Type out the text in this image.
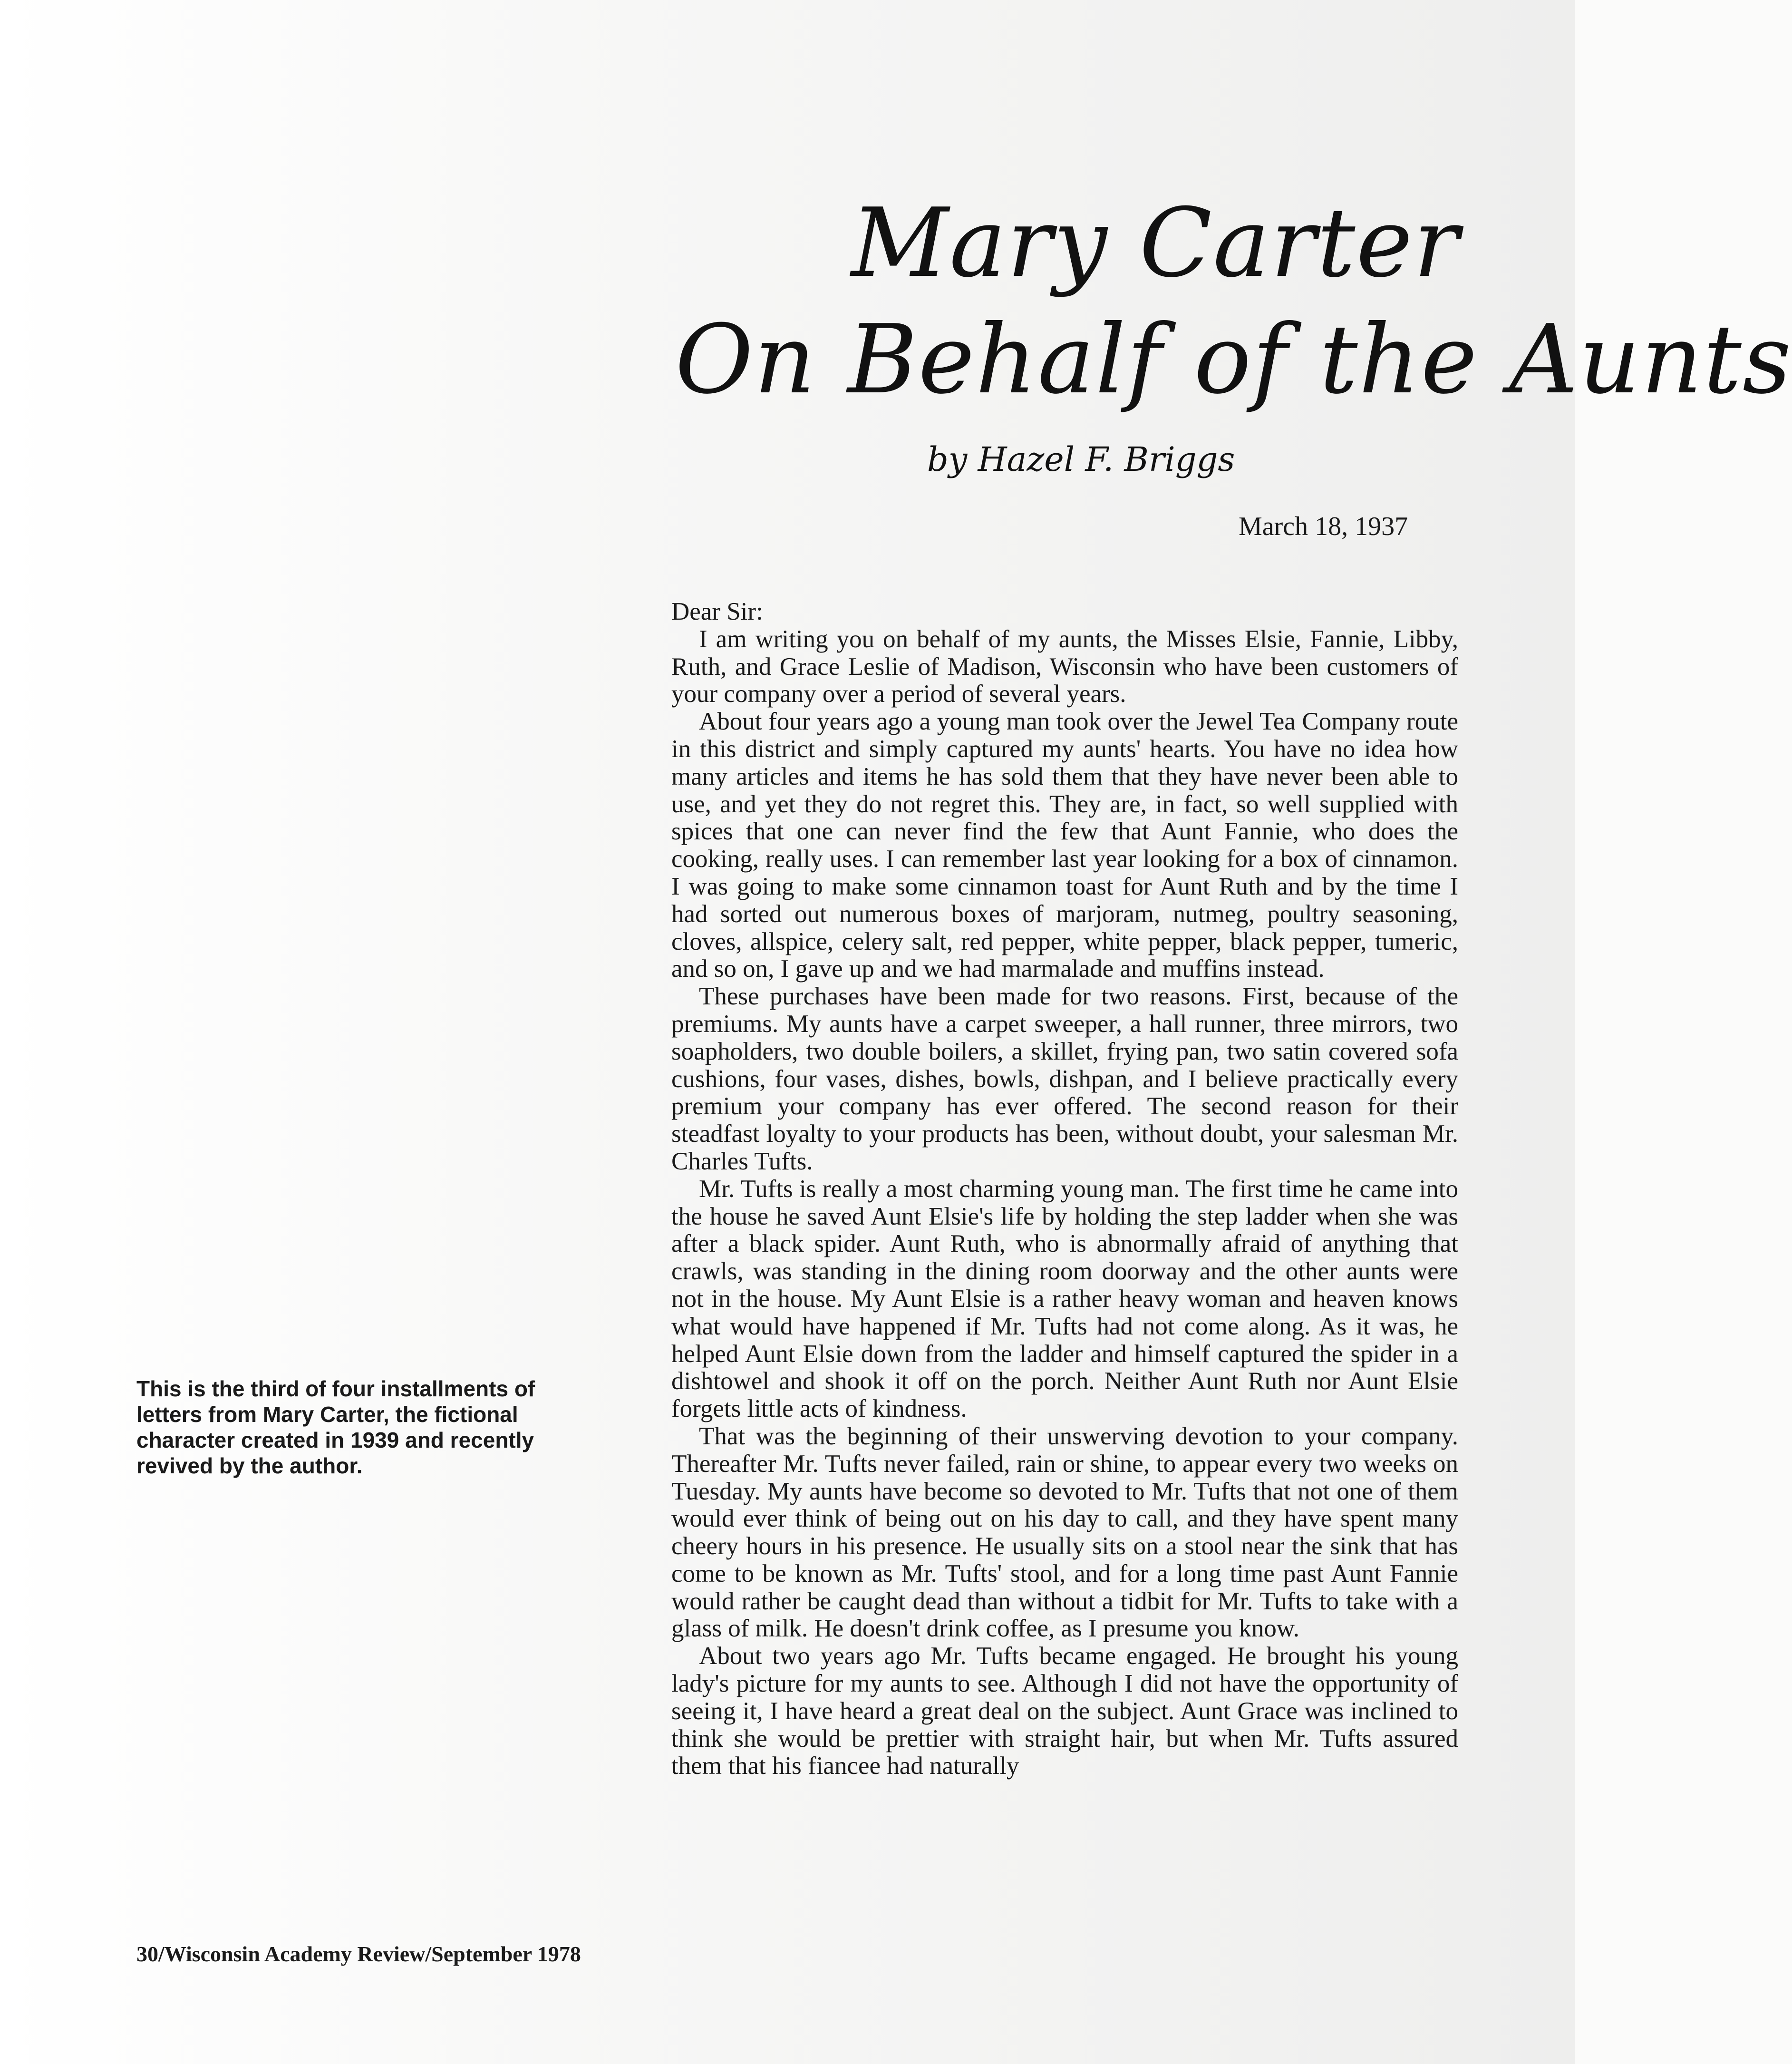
Mary Carter
On Behalf of the Aunts
by Hazel F. Briggs
March 18, 1937
Dear Sir:

I am writing you on behalf of my aunts, the Misses Elsie, Fannie, Libby, Ruth, and Grace Leslie of Madison, Wisconsin who have been customers of your company over a period of several years.

About four years ago a young man took over the Jewel Tea Company route in this district and simply captured my aunts' hearts. You have no idea how many articles and items he has sold them that they have never been able to use, and yet they do not regret this. They are, in fact, so well supplied with spices that one can never find the few that Aunt Fannie, who does the cooking, really uses. I can remember last year looking for a box of cinnamon. I was going to make some cinnamon toast for Aunt Ruth and by the time I had sorted out numerous boxes of marjoram, nutmeg, poultry seasoning, cloves, allspice, celery salt, red pepper, white pepper, black pepper, tumeric, and so on, I gave up and we had marmalade and muffins instead.

These purchases have been made for two reasons. First, because of the premiums. My aunts have a carpet sweeper, a hall runner, three mirrors, two soapholders, two double boilers, a skillet, frying pan, two satin covered sofa cushions, four vases, dishes, bowls, dishpan, and I believe practically every premium your company has ever offered. The second reason for their steadfast loyalty to your products has been, without doubt, your salesman Mr. Charles Tufts.

Mr. Tufts is really a most charming young man. The first time he came into the house he saved Aunt Elsie's life by holding the step ladder when she was after a black spider. Aunt Ruth, who is abnormally afraid of anything that crawls, was standing in the dining room doorway and the other aunts were not in the house. My Aunt Elsie is a rather heavy woman and heaven knows what would have happened if Mr. Tufts had not come along. As it was, he helped Aunt Elsie down from the ladder and himself captured the spider in a dishtowel and shook it off on the porch. Neither Aunt Ruth nor Aunt Elsie forgets little acts of kindness.

That was the beginning of their unswerving devotion to your company. Thereafter Mr. Tufts never failed, rain or shine, to appear every two weeks on Tuesday. My aunts have become so devoted to Mr. Tufts that not one of them would ever think of being out on his day to call, and they have spent many cheery hours in his presence. He usually sits on a stool near the sink that has come to be known as Mr. Tufts' stool, and for a long time past Aunt Fannie would rather be caught dead than without a tidbit for Mr. Tufts to take with a glass of milk. He doesn't drink coffee, as I presume you know.

About two years ago Mr. Tufts became engaged. He brought his young lady's picture for my aunts to see. Although I did not have the opportunity of seeing it, I have heard a great deal on the subject. Aunt Grace was inclined to think she would be prettier with straight hair, but when Mr. Tufts assured them that his fiancee had naturally

This is the third of four installments of letters from Mary Carter, the fictional character created in 1939 and recently revived by the author.

30/Wisconsin Academy Review/September 1978
